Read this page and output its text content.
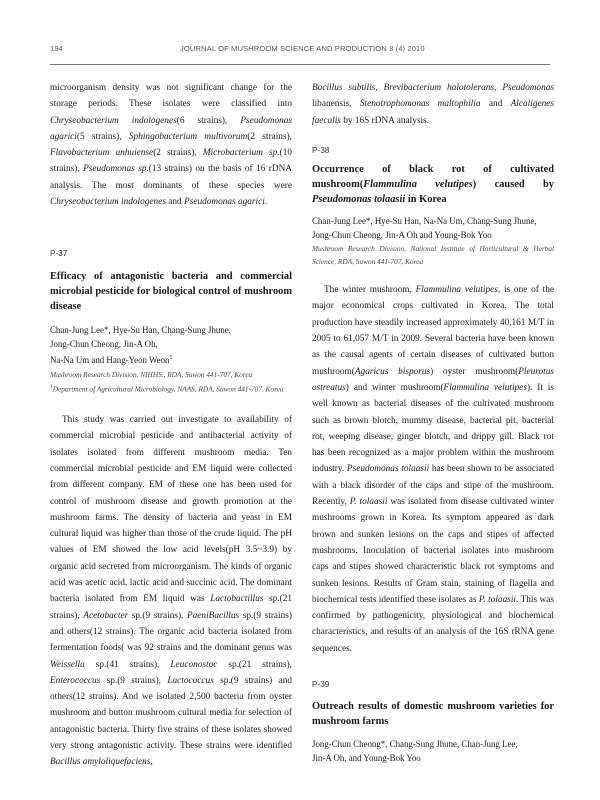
194	JOURNAL OF MUSHROOM SCIENCE AND PRODUCTION 8 (4) 2010

microorganism density was not significant change for the storage periods. These isolates were classified into Chryseobacterium indologenes(6 strains), Pseudomonas agarici(5 strains), Sphingobacterium multivorum(2 strains), Flavobacterium anhuiense(2 strains), Microbacterium sp.(10 strains), Pseudomonas sp.(13 strains) on the basis of 16 rDNA analysis. The most dominants of these species were Chryseobacterium indologenes and Pseudomonas agarici.

P-37

Efficacy of antagonistic bacteria and commercial microbial pesticide for biological control of mushroom disease

Chan-Jung Lee*, Hye-Su Han, Chang-Sung Jhune,

Jong-Chun Cheong, Jin-A Oh,

Na-Na Um and Hang-Yeon Weon$^1$

Mushroom Research Division, NIHHS., RDA, Suwon 441-707, Korea

$^1$Department of Agricultural Microbiology, NAAS, RDA, Suwon 441-707, Korea

This study was carried out investigate to availability of commercial microbial pesticide and antibacterial activity of isolates isolated from different mushroom media. Ten commercial microbial pesticide and EM liquid were collected from different company. EM of these one has been used for control of mushroom disease and growth promotion at the mushroom farms. The density of bacteria and yeast in EM cultural liquid was higher than those of the crude liquid. The pH values of EM showed the low acid levels(pH 3.5~3.9) by organic acid secreted from microorganism. The kinds of organic acid was acetic acid, lactic acid and succinic acid. The dominant bacteria isolated from EM liquid was Lactobactillus sp.(21 strains), Acetobacter sp.(9 strains), PaeniBacillus sp.(9 strains) and others(12 strains). The organic acid bacteria isolated from fermentation foods( was 92 strains and the dominant genus was Weissella sp.(41 strains), Leuconostoc sp.(21 strains), Enterococcus sp.(9 strains), Lactococcus sp.(9 strains) and others(12 strains). And we isolated 2,500 bacteria from oyster mushroom and button mushroom cultural media for selection of antagonistic bacteria. Thirty five strains of these isolates showed very strong antagonistic activity. These strains were identified Bacillus amyloliquefaciens,

Bacillus subtilis, Brevibacterium halotolerans, Pseudomonas libanensis, Stenotrophomonas maltophilia and Alcaligenes faecalis by 16S rDNA analysis.

P-38

Occurrence of black rot of cultivated mushroom(Flammulina velutipes) caused by Pseudomonas tolaasii in Korea

Chan-Jung Lee*, Hye-Su Han, Na-Na Um, Chang-Sung Jhune,

Jong-Chun Cheong, Jin-A Oh and Young-Bok Yoo

Mushroom Research Division, National Institute of Horticultural & Herbal Science, RDA, Suwon 441-707, Korea

The winter mushroom, Flammulina velutipes, is one of the major economical crops cultivated in Korea. The total production have steadily increased approximately 40,161 M/T in 2005 to 61,057 M/T in 2009. Several bacteria have been known as the causal agents of certain diseases of cultivated button mushroom(Agaricus bisporus) oyster mushroom(Pleurotus ostreatus) and winter mushroom(Flammulina velutipes). It is well known as bacterial diseases of the cultivated mushroom such as brown blotch, mummy disease, bacterial pit, bacterial rot, weeping disease, ginger blotch, and drippy gill. Black rot has been recognized as a major problem within the mushroom industry. Pseudomonas tolaasii has been shown to be associated with a black disorder of the caps and stipe of the mushroom. Recently, P. tolaasii was isolated from disease cultivated winter mushrooms grown in Korea. Its symptom appeared as dark brown and sunken lesions on the caps and stipes of affected mushrooms. Inoculation of bacterial isolates into mushroom caps and stipes showed characteristic black rot symptoms and sunken lesions. Results of Gram stain, staining of flagella and biochemical tests identified these isolates as P. tolaasii. This was confirmed by pathogenicity, physiological and biochemical characteristics, and results of an analysis of the 16S rRNA gene sequences.

P-39

Outreach results of domestic mushroom varieties for mushroom farms

Jong-Chun Cheong*, Chang-Sung Jhune, Chan-Jung Lee,

Jin-A Oh, and Young-Bok Yoo
